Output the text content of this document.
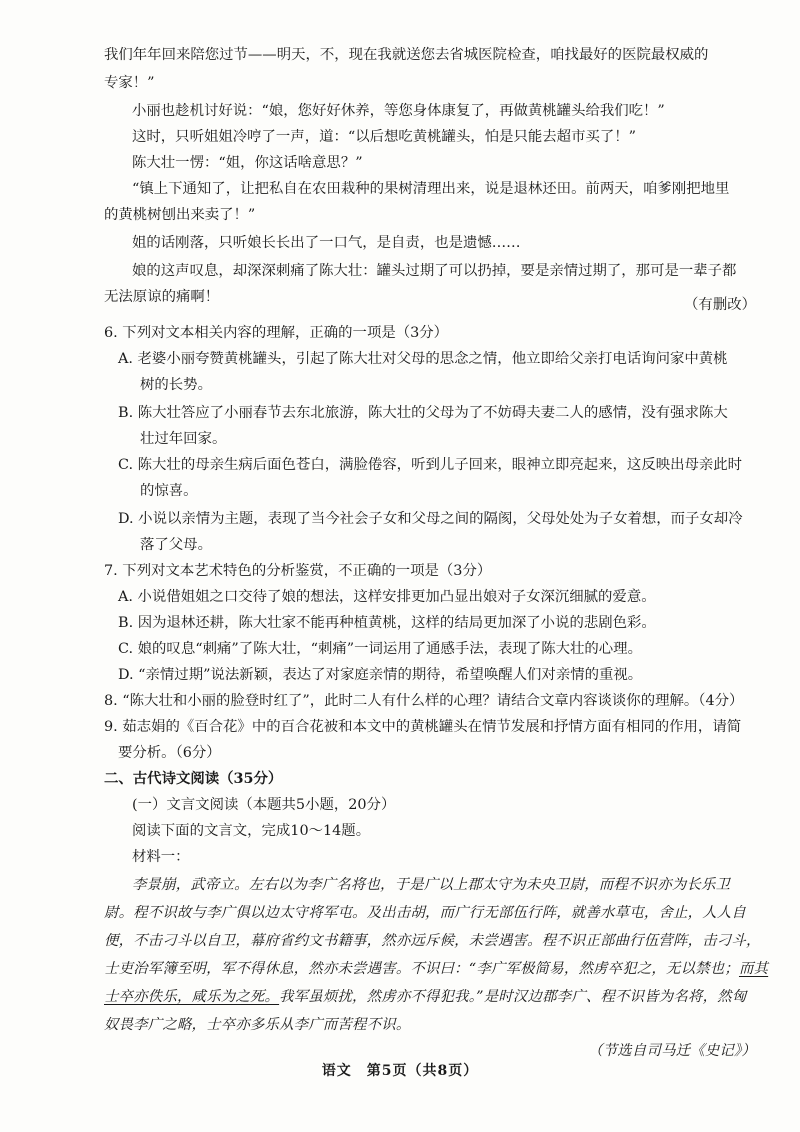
我们年年回来陪您过节——明天，不，现在我就送您去省城医院检查，咱找最好的医院最权威的
专家！”
小丽也趁机讨好说：“娘，您好好休养，等您身体康复了，再做黄桃罐头给我们吃！”
这时，只听姐姐冷哼了一声，道：“以后想吃黄桃罐头，怕是只能去超市买了！”
陈大壮一愣：“姐，你这话啥意思？”
“镇上下通知了，让把私自在农田栽种的果树清理出来，说是退林还田。前两天，咱爹刚把地里
的黄桃树刨出来卖了！”
姐的话刚落，只听娘长长出了一口气，是自责，也是遗憾……
娘的这声叹息，却深深刺痛了陈大壮：罐头过期了可以扔掉，要是亲情过期了，那可是一辈子都
无法原谅的痛啊！	（有删改）
6. 下列对文本相关内容的理解，正确的一项是（3分）
A. 老婆小丽夸赞黄桃罐头，引起了陈大壮对父母的思念之情，他立即给父亲打电话询问家中黄桃
树的长势。
B. 陈大壮答应了小丽春节去东北旅游，陈大壮的父母为了不妨碍夫妻二人的感情，没有强求陈大
壮过年回家。
C. 陈大壮的母亲生病后面色苍白，满脸倦容，听到儿子回来，眼神立即亮起来，这反映出母亲此时
的惊喜。
D. 小说以亲情为主题，表现了当今社会子女和父母之间的隔阂，父母处处为子女着想，而子女却冷
落了父母。
7. 下列对文本艺术特色的分析鉴赏，不正确的一项是（3分）
A. 小说借姐姐之口交待了娘的想法，这样安排更加凸显出娘对子女深沉细腻的爱意。
B. 因为退林还耕，陈大壮家不能再种植黄桃，这样的结局更加深了小说的悲剧色彩。
C. 娘的叹息“刺痛”了陈大壮，“刺痛”一词运用了通感手法，表现了陈大壮的心理。
D. “亲情过期”说法新颖，表达了对家庭亲情的期待，希望唤醒人们对亲情的重视。
8. “陈大壮和小丽的脸登时红了”，此时二人有什么样的心理？请结合文章内容谈谈你的理解。（4分）
9. 茹志娟的《百合花》中的百合花被和本文中的黄桃罐头在情节发展和抒情方面有相同的作用，请简
要分析。（6分）
二、古代诗文阅读（35分）
(一）文言文阅读（本题共5小题，20分）
阅读下面的文言文，完成10～14题。
材料一：
李景崩，武帝立。左右以为李广名将也，于是广以上郡太守为未央卫尉，而程不识亦为长乐卫
尉。程不识故与李广俱以边太守将军屯。及出击胡，而广行无部伍行阵，就善水草屯，舍止，人人自
便，不击刁斗以自卫，幕府省约文书籍事，然亦远斥候，未尝遇害。程不识正部曲行伍营阵，击刁斗，
士吏治军簿至明，军不得休息，然亦未尝遇害。不识曰：“李广军极简易，然虏卒犯之，无以禁也；而其
士卒亦佚乐，咸乐为之死。我军虽烦扰，然虏亦不得犯我。”是时汉边郡李广、程不识皆为名将，然匈
奴畏李广之略，士卒亦多乐从李广而苦程不识。
（节选自司马迁《史记》）
语文　第5页（共8页）
